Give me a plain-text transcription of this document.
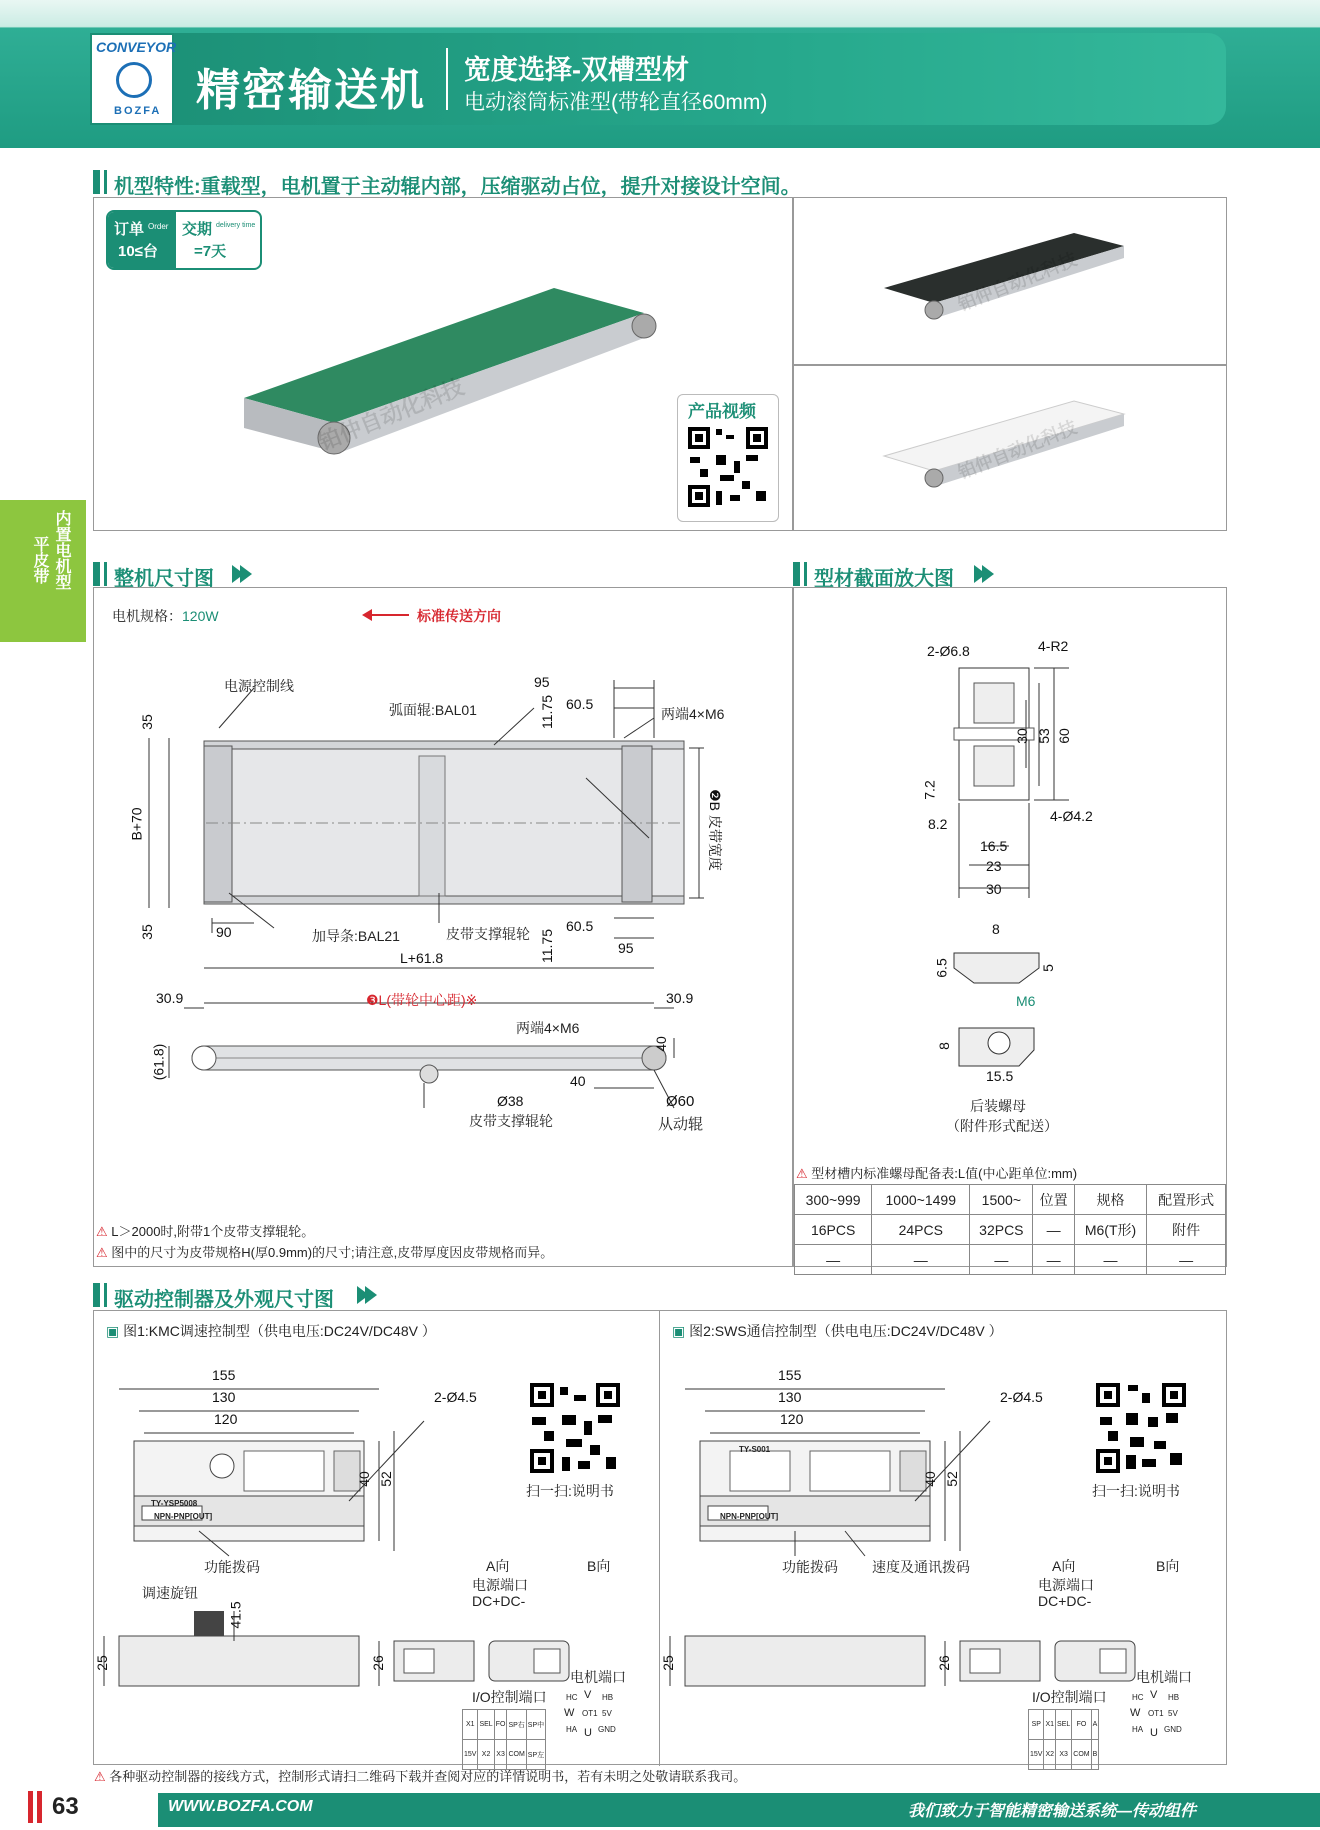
CONVEYOR
BOZFA 精密输送机 宽度选择-双槽型材
电动滚筒标准型(带轮直径60mm)
内置电机型
平皮带
机型特性:重载型，电机置于主动辊内部，压缩驱动占位，提升对接设计空间。
订单 Order
10≤台
交期 delivery time
=7天
铂仲自动化科技	产品视频
铂仲自动化科技
铂仲自动化科技
整机尺寸图
电机规格：120W	标准传送方向
95
35
电源控制线
弧面辊:BAL01	11.75 60.5
两端4×M6
B+70	❷B 皮带宽度
35	90	加导条:BAL21	皮带支撑辊轮	60.5
11.75	95
L+61.8
30.9	❸L(带轮中心距)※	30.9
两端4×M6
(61.8)	40
40
Ø38	Ø60
皮带支撑辊轮	从动辊
⚠ L＞2000时,附带1个皮带支撑辊轮。
⚠ 图中的尺寸为皮带规格H(厚0.9mm)的尺寸;请注意,皮带厚度因皮带规格而异。
型材截面放大图
2-Ø6.8	4-R2
30 53 60
7.2
8.2	4-Ø4.2
16.5
23
30
8
6.5	5
M6
8
15.5
后装螺母
（附件形式配送）
⚠ 型材槽内标准螺母配备表:L值(中心距单位:mm)
300~999	1000~1499	1500~	位置	规格	配置形式
16PCS	24PCS	32PCS	—	M6(T形)	附件
—	—	—	—	—	—
驱动控制器及外观尺寸图
▣ 图1:KMC调速控制型（供电电压:DC24V/DC48V ）
155
130
120
2-Ø4.5
40 52
TY-YSP5008
NPN-PNP[OUT]
功能拨码
调速旋钮
25
41.5
26
A向	B向
电源端口
DC+DC-
I/O控制端口
电机端口
X1	SEL	FO	SP右	SP中
15V	X2	X3	COM	SP左
HC V HB
W OT1 5V
HA U GND
扫一扫:说明书
▣ 图2:SWS通信控制型（供电电压:DC24V/DC48V ）
155
130
120
2-Ø4.5
40 52
TY-S001
NPN-PNP[OUT]
功能拨码 速度及通讯拨码
25	26
A向	B向
电源端口
DC+DC-
I/O控制端口
电机端口
SP	X1	SEL	FO	A
15V	X2	X3	COM	B
HC V HB
W OT1 5V
HA U GND
扫一扫:说明书
⚠ 各种驱动控制器的接线方式，控制形式请扫二维码下载并查阅对应的详情说明书，若有未明之处敬请联系我司。
63	WWW.BOZFA.COM	我们致力于智能精密输送系统—传动组件
